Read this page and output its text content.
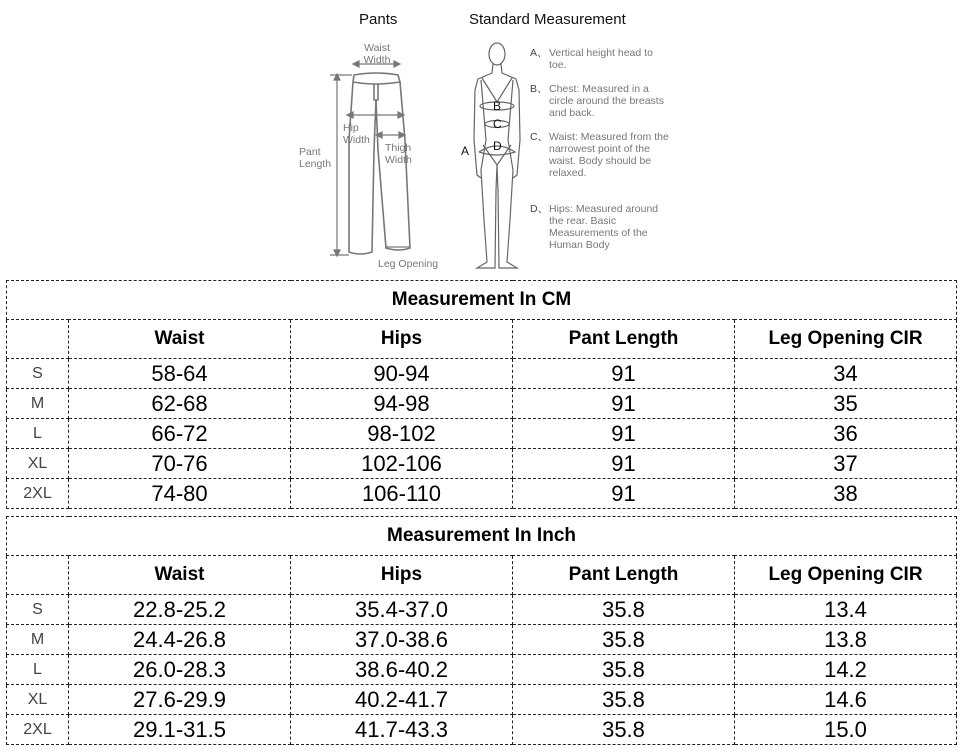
Pants
Waist Width
Hip Width
Thigh Width
Pant Length
Leg Opening
Standard Measurement
A
B
C
D
A、 Vertical height head to toe.
B、 Chest: Measured in a circle around the breasts and back.
C、 Waist: Measured from the narrowest point of the waist. Body should be relaxed.
D、 Hips: Measured around the rear. Basic Measurements of the Human Body
Measurement In CM				
	Waist	Hips	Pant Length	Leg Opening CIR
S	58-64	90-94	91	34
M	62-68	94-98	91	35
L	66-72	98-102	91	36
XL	70-76	102-106	91	37
2XL	74-80	106-110	91	38
Measurement In Inch				
	Waist	Hips	Pant Length	Leg Opening CIR
S	22.8-25.2	35.4-37.0	35.8	13.4
M	24.4-26.8	37.0-38.6	35.8	13.8
L	26.0-28.3	38.6-40.2	35.8	14.2
XL	27.6-29.9	40.2-41.7	35.8	14.6
2XL	29.1-31.5	41.7-43.3	35.8	15.0
